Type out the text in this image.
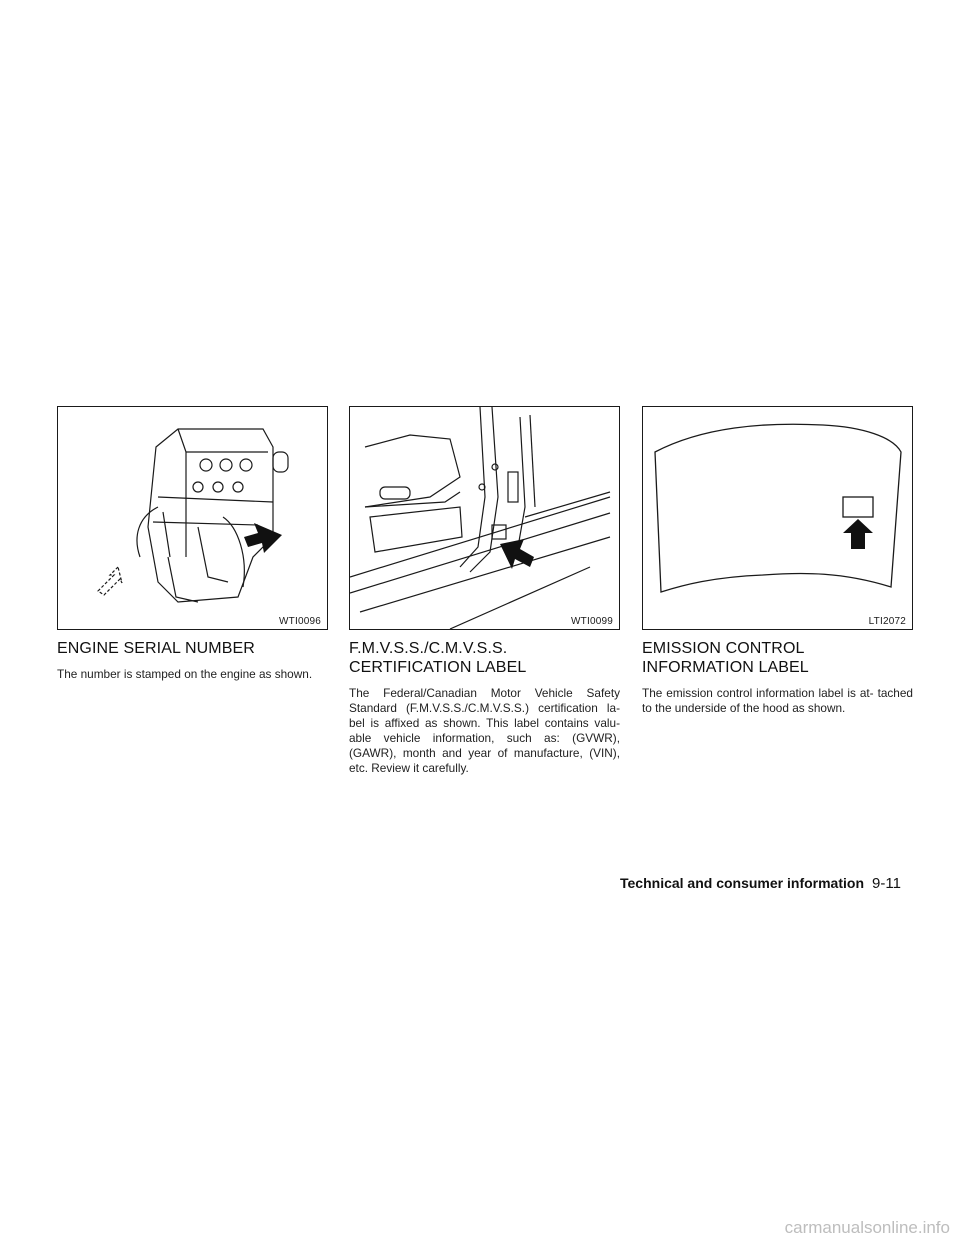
WTI0096
ENGINE SERIAL NUMBER

The number is stamped on the engine as shown.

WTI0099
F.M.V.S.S./C.M.V.S.S. CERTIFICATION LABEL

The Federal/Canadian Motor Vehicle Safety Standard (F.M.V.S.S./C.M.V.S.S.) certification la- bel is affixed as shown. This label contains valu- able vehicle information, such as: (GVWR), (GAWR), month and year of manufacture, (VIN), etc. Review it carefully.

LTI2072
EMISSION CONTROL INFORMATION LABEL

The emission control information label is at- tached to the underside of the hood as shown.

Technical and consumer information 9-11
carmanualsonline.info
